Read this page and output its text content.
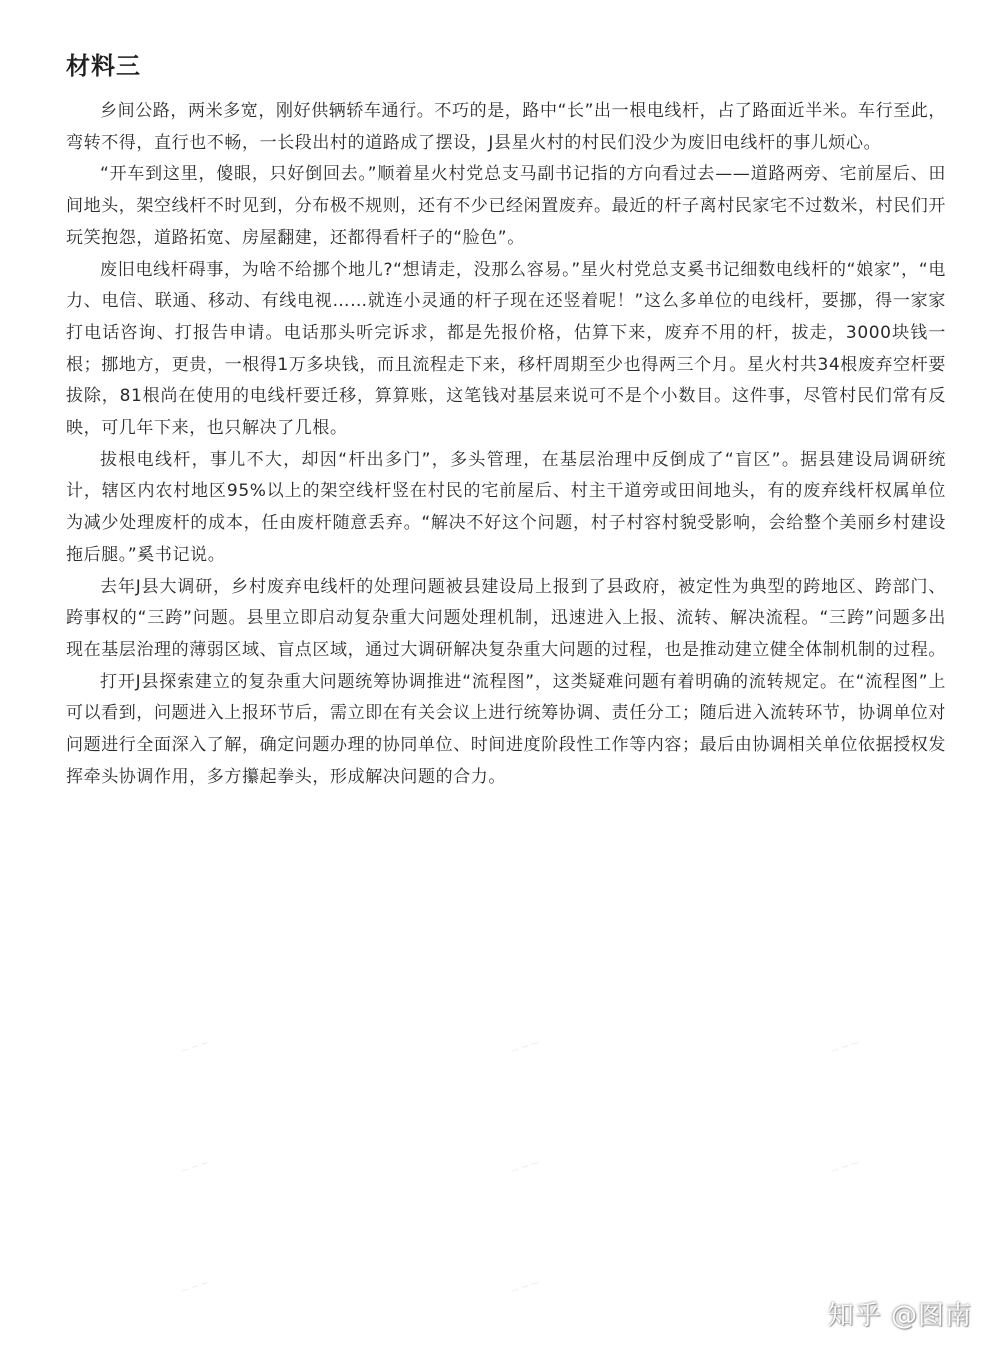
材料三

乡间公路，两米多宽，刚好供辆轿车通行。不巧的是，路中“长”出一根电线杆，占了路面近半米。车行至此，弯转不得，直行也不畅，一长段出村的道路成了摆设，J县星火村的村民们没少为废旧电线杆的事儿烦心。

“开车到这里，傻眼，只好倒回去。”顺着星火村党总支马副书记指的方向看过去——道路两旁、宅前屋后、田间地头，架空线杆不时见到，分布极不规则，还有不少已经闲置废弃。最近的杆子离村民家宅不过数米，村民们开玩笑抱怨，道路拓宽、房屋翻建，还都得看杆子的“脸色”。

废旧电线杆碍事，为啥不给挪个地儿?“想请走，没那么容易。”星火村党总支奚书记细数电线杆的“娘家”，“电力、电信、联通、移动、有线电视……就连小灵通的杆子现在还竖着呢！”这么多单位的电线杆，要挪，得一家家打电话咨询、打报告申请。电话那头听完诉求，都是先报价格，估算下来，废弃不用的杆，拔走，3000块钱一根；挪地方，更贵，一根得1万多块钱，而且流程走下来，移杆周期至少也得两三个月。星火村共34根废弃空杆要拔除，81根尚在使用的电线杆要迁移，算算账，这笔钱对基层来说可不是个小数目。这件事，尽管村民们常有反映，可几年下来，也只解决了几根。

拔根电线杆，事儿不大，却因“杆出多门”，多头管理，在基层治理中反倒成了“盲区”。据县建设局调研统计，辖区内农村地区95%以上的架空线杆竖在村民的宅前屋后、村主干道旁或田间地头，有的废弃线杆权属单位为减少处理废杆的成本，任由废杆随意丢弃。“解决不好这个问题，村子村容村貌受影响，会给整个美丽乡村建设拖后腿。”奚书记说。

去年J县大调研，乡村废弃电线杆的处理问题被县建设局上报到了县政府，被定性为典型的跨地区、跨部门、跨事权的“三跨”问题。县里立即启动复杂重大问题处理机制，迅速进入上报、流转、解决流程。“三跨”问题多出现在基层治理的薄弱区域、盲点区域，通过大调研解决复杂重大问题的过程，也是推动建立健全体制机制的过程。

打开J县探索建立的复杂重大问题统筹协调推进“流程图”，这类疑难问题有着明确的流转规定。在“流程图”上可以看到，问题进入上报环节后，需立即在有关会议上进行统筹协调、责任分工；随后进入流转环节，协调单位对问题进行全面深入了解，确定问题办理的协同单位、时间进度阶段性工作等内容；最后由协调相关单位依据授权发挥牵头协调作用，多方攥起拳头，形成解决问题的合力。

~~~	~~~	~~~
~~~	~~~	~~~
~~~	~~~
知乎 @图南
